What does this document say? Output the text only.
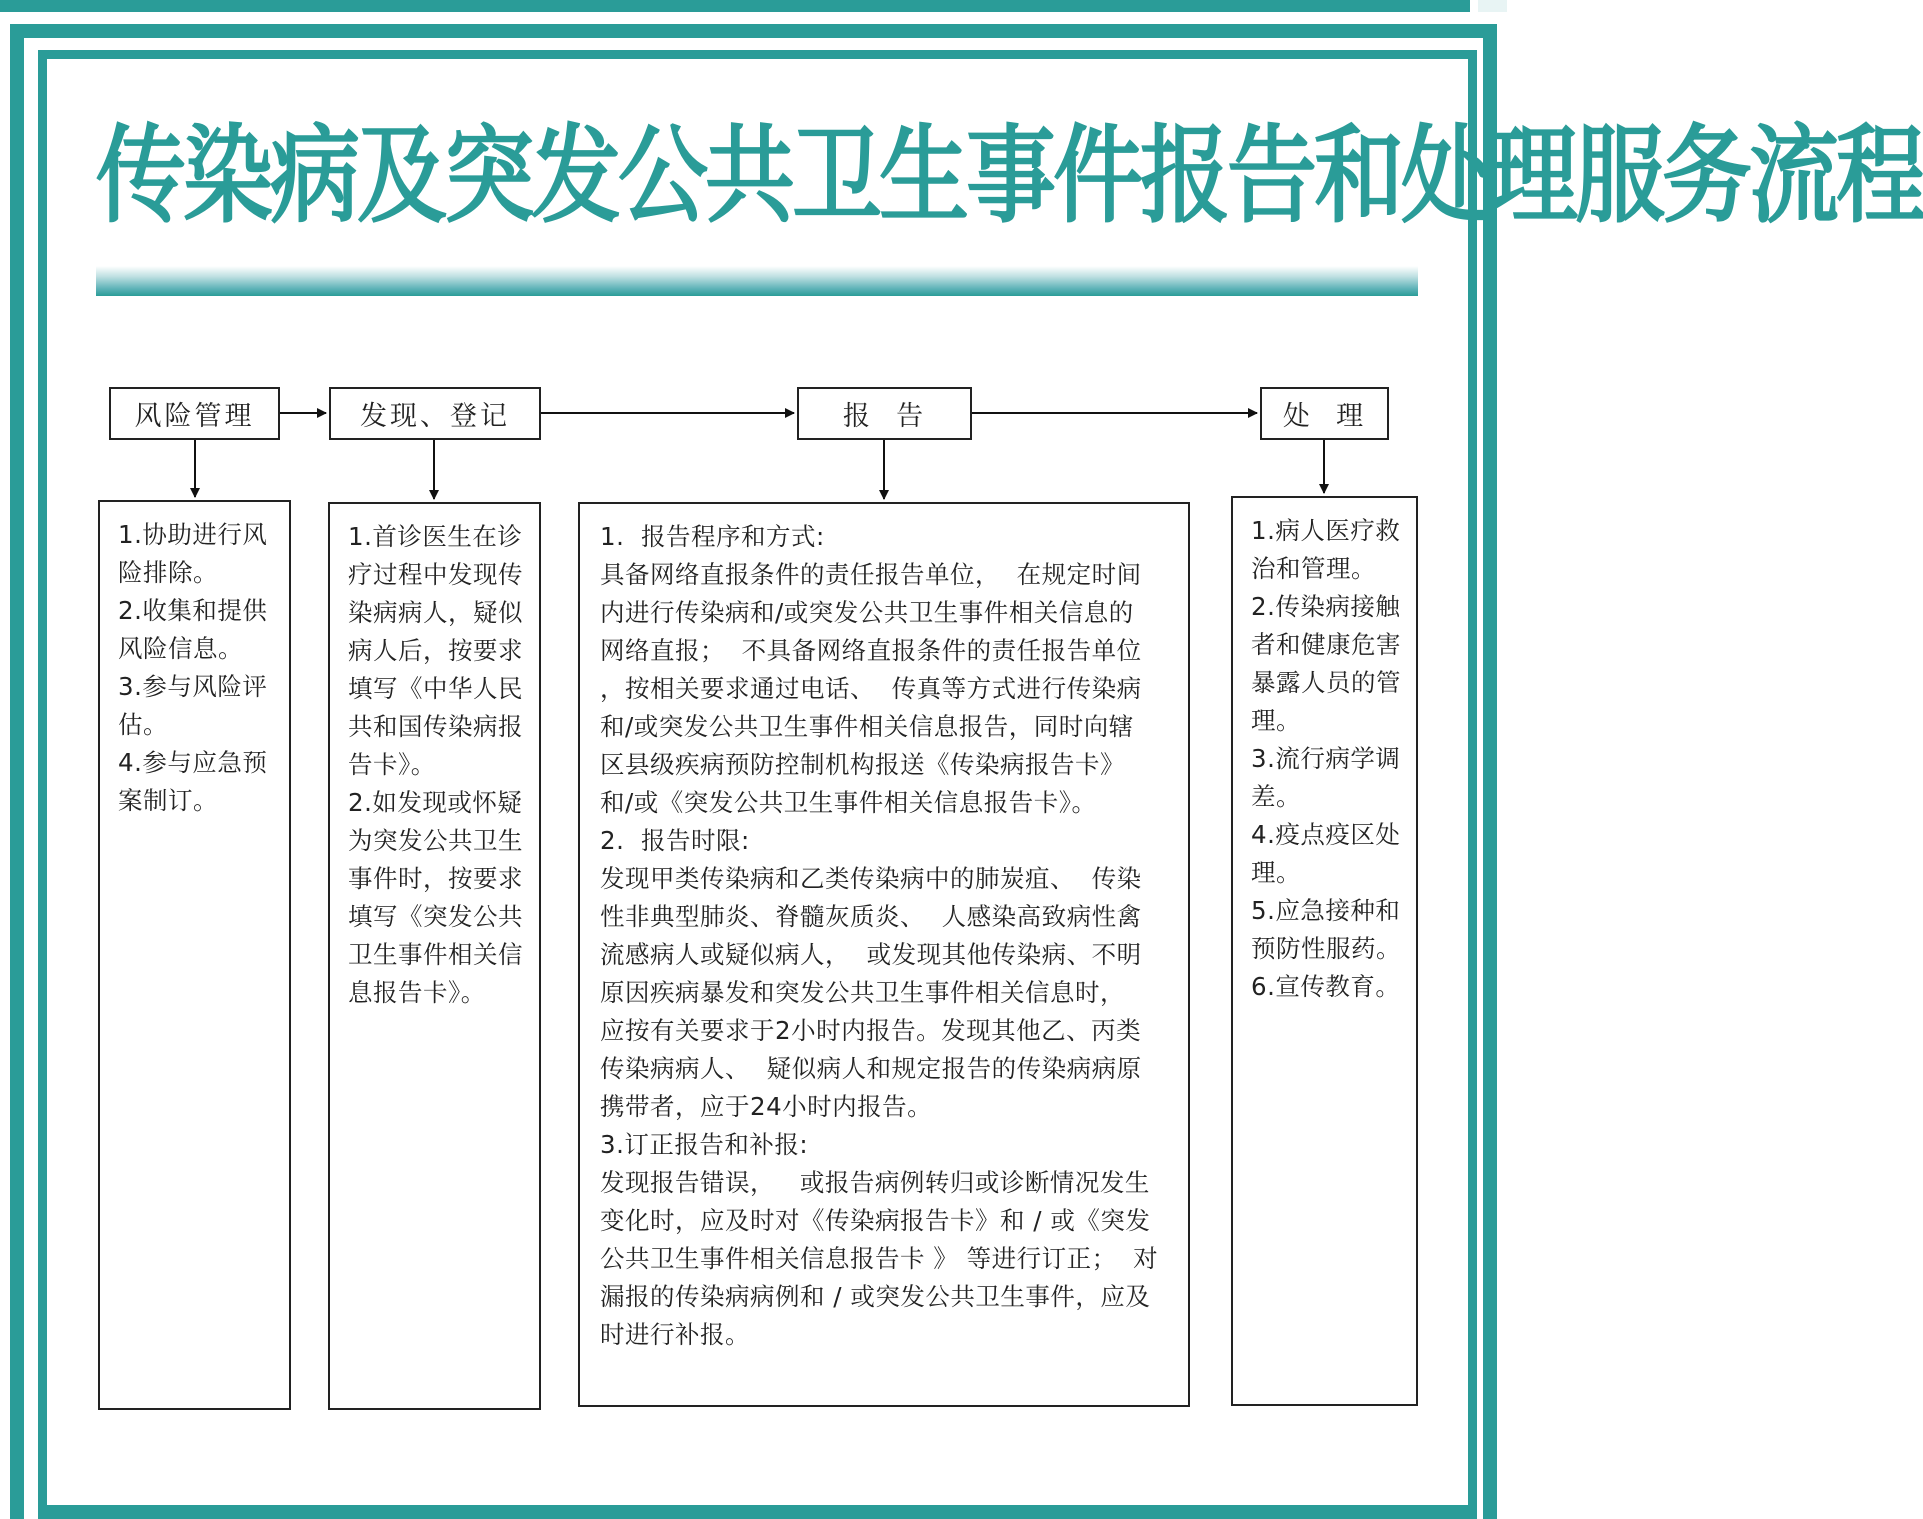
传染病及突发公共卫生事件报告和处理服务流程
风险管理	发现、登记	报  告	处  理
1.协助进行风
险排除。
2.收集和提供
风险信息。
3.参与风险评
估。
4.参与应急预
案制订。
1.首诊医生在诊
疗过程中发现传
染病病人，疑似
病人后，按要求
填写《中华人民
共和国传染病报
告卡》。
2.如发现或怀疑
为突发公共卫生
事件时，按要求
填写《突发公共
卫生事件相关信
息报告卡》。
1.  报告程序和方式:
具备网络直报条件的责任报告单位，  在规定时间
内进行传染病和/或突发公共卫生事件相关信息的
网络直报；  不具备网络直报条件的责任报告单位
，按相关要求通过电话、  传真等方式进行传染病
和/或突发公共卫生事件相关信息报告，同时向辖
区县级疾病预防控制机构报送《传染病报告卡》
和/或《突发公共卫生事件相关信息报告卡》。
2.  报告时限:
发现甲类传染病和乙类传染病中的肺炭疽、  传染
性非典型肺炎、脊髓灰质炎、  人感染高致病性禽
流感病人或疑似病人，  或发现其他传染病、不明
原因疾病暴发和突发公共卫生事件相关信息时，
应按有关要求于2小时内报告。发现其他乙、丙类
传染病病人、  疑似病人和规定报告的传染病病原
携带者，应于24小时内报告。
3.订正报告和补报:
发现报告错误，   或报告病例转归或诊断情况发生
变化时，应及时对《传染病报告卡》和 / 或《突发
公共卫生事件相关信息报告卡 》 等进行订正；  对
漏报的传染病病例和 / 或突发公共卫生事件，应及
时进行补报。
1.病人医疗救
治和管理。
2.传染病接触
者和健康危害
暴露人员的管
理。
3.流行病学调
差。
4.疫点疫区处
理。
5.应急接种和
预防性服药。
6.宣传教育。
